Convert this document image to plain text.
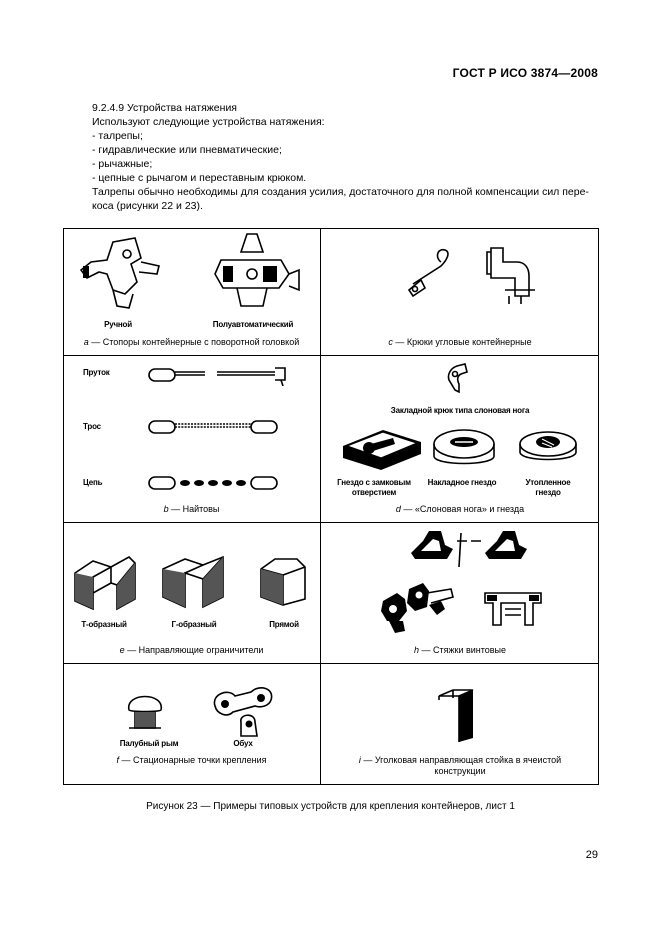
ГОСТ Р ИСО 3874—2008
9.2.4.9 Устройства натяжения
Используют следующие устройства натяжения:
- талрепы;
- гидравлические или пневматические;
- рычажные;
- цепные с рычагом и переставным крюком.
Талрепы обычно необходимы для создания усилия, достаточного для полной компенсации сил пере-коса (рисунки 22 и 23).
Ручной	Полуавтоматический
а — Стопоры контейнерные с поворотной головкой	с — Крюки угловые контейнерные
Пруток
Трос
Цепь
b — Найтовы
Закладной крюк типа слоновая нога
Гнездо с замковым отверстием
Накладное гнездо	Утопленное гнездо
d — «Слоновая нога» и гнезда
Т-образный	Г-образный	Прямой
е — Направляющие ограничители	h — Стяжки винтовые
Палубный рым	Обух
f — Стационарные точки крепления	i — Уголковая направляющая стойка в ячеистой конструкции
Рисунок 23 — Примеры типовых устройств для крепления контейнеров, лист 1
29
